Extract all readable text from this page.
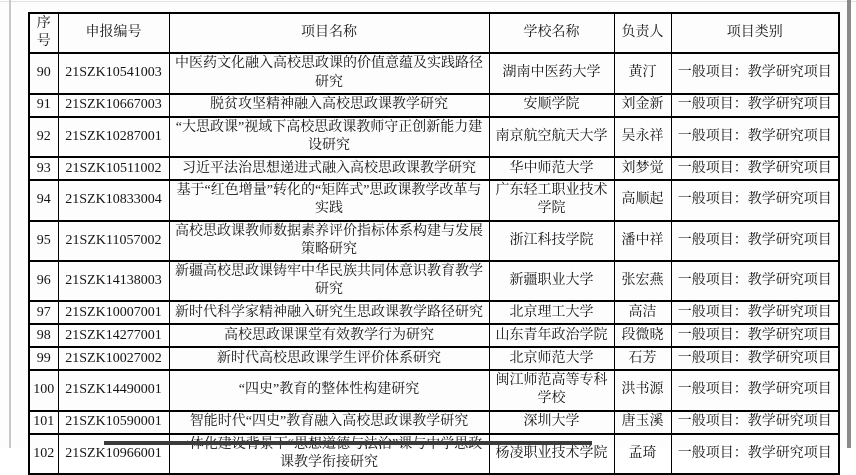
序号	申报编号	项目名称	学校名称	负责人	项目类别
90	21SZK10541003	中医药文化融入高校思政课的价值意蕴及实践路径研究	湖南中医药大学	黄汀	一般项目：教学研究项目
91	21SZK10667003	脱贫攻坚精神融入高校思政课教学研究	安顺学院	刘金新	一般项目：教学研究项目
92	21SZK10287001	“大思政课”视域下高校思政课教师守正创新能力建设研究	南京航空航天大学	吴永祥	一般项目：教学研究项目
93	21SZK10511002	习近平法治思想递进式融入高校思政课教学研究	华中师范大学	刘梦觉	一般项目：教学研究项目
94	21SZK10833004	基于“红色增量”转化的“矩阵式”思政课教学改革与实践	广东轻工职业技术学院	高顺起	一般项目：教学研究项目
95	21SZK11057002	高校思政课教师数据素养评价指标体系构建与发展策略研究	浙江科技学院	潘中祥	一般项目：教学研究项目
96	21SZK14138003	新疆高校思政课铸牢中华民族共同体意识教育教学研究	新疆职业大学	张宏燕	一般项目：教学研究项目
97	21SZK10007001	新时代科学家精神融入研究生思政课教学路径研究	北京理工大学	高洁	一般项目：教学研究项目
98	21SZK14277001	高校思政课课堂有效教学行为研究	山东青年政治学院	段微晓	一般项目：教学研究项目
99	21SZK10027002	新时代高校思政课学生评价体系研究	北京师范大学	石芳	一般项目：教学研究项目
100	21SZK14490001	“四史”教育的整体性构建研究	闽江师范高等专科学校	洪书源	一般项目：教学研究项目
101	21SZK10590001	智能时代“四史”教育融入高校思政课教学研究	深圳大学	唐玉溪	一般项目：教学研究项目
102	21SZK10966001	课教学衔接研究	杨凌职业技术学院	孟琦	一般项目：教学研究项目
